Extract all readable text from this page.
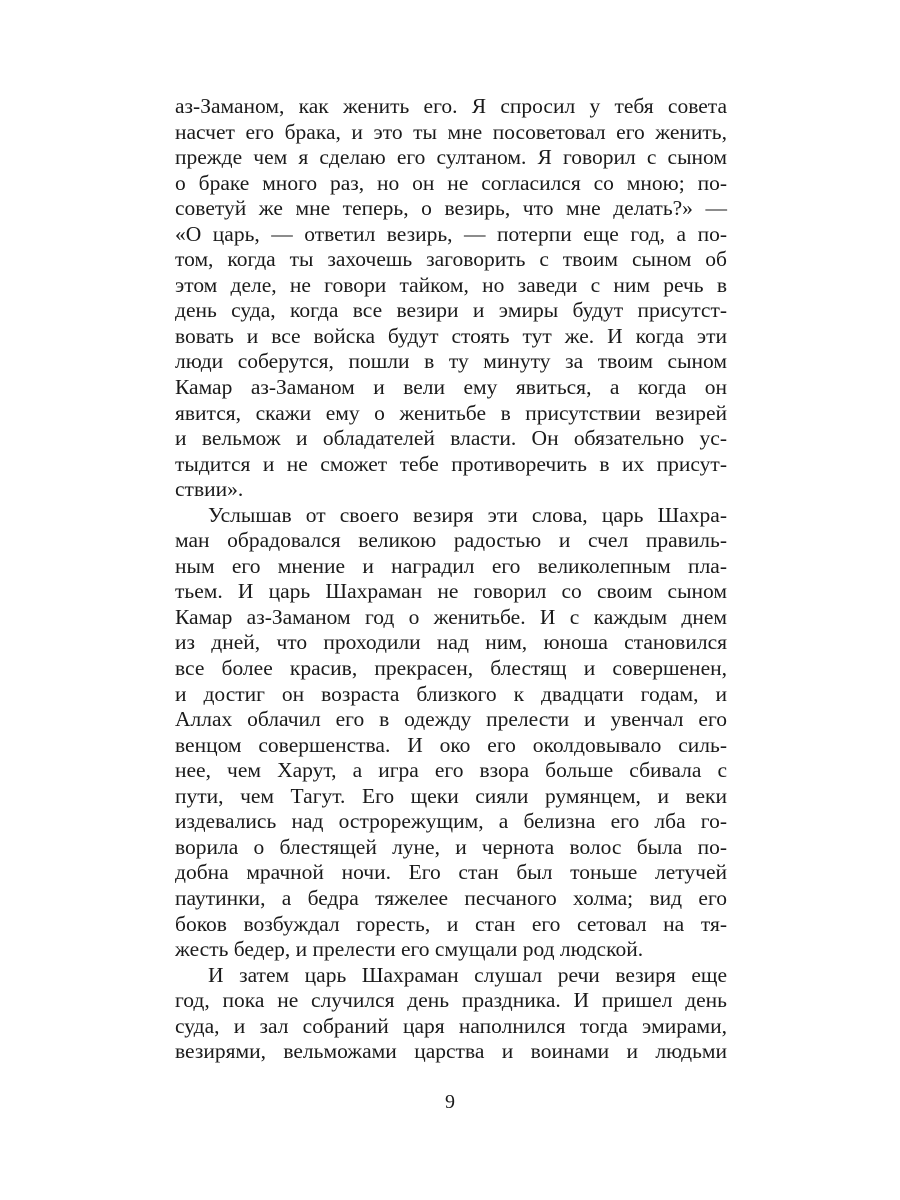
аз-Заманом, как женить его. Я спросил у тебя совета
насчет его брака, и это ты мне посоветовал его женить,
прежде чем я сделаю его султаном. Я говорил с сыном
о браке много раз, но он не согласился со мною; по-
советуй же мне теперь, о везирь, что мне делать?» —
«О царь, — ответил везирь, — потерпи еще год, а по-
том, когда ты захочешь заговорить с твоим сыном об
этом деле, не говори тайком, но заведи с ним речь в
день суда, когда все везири и эмиры будут присутст-
вовать и все войска будут стоять тут же. И когда эти
люди соберутся, пошли в ту минуту за твоим сыном
Камар аз-Заманом и вели ему явиться, а когда он
явится, скажи ему о женитьбе в присутствии везирей
и вельмож и обладателей власти. Он обязательно ус-
тыдится и не сможет тебе противоречить в их присут-
ствии».
Услышав от своего везиря эти слова, царь Шахра-
ман обрадовался великою радостью и счел правиль-
ным его мнение и наградил его великолепным пла-
тьем. И царь Шахраман не говорил со своим сыном
Камар аз-Заманом год о женитьбе. И с каждым днем
из дней, что проходили над ним, юноша становился
все более красив, прекрасен, блестящ и совершенен,
и достиг он возраста близкого к двадцати годам, и
Аллах облачил его в одежду прелести и увенчал его
венцом совершенства. И око его околдовывало силь-
нее, чем Харут, а игра его взора больше сбивала с
пути, чем Тагут. Его щеки сияли румянцем, и веки
издевались над острорежущим, а белизна его лба го-
ворила о блестящей луне, и чернота волос была по-
добна мрачной ночи. Его стан был тоньше летучей
паутинки, а бедра тяжелее песчаного холма; вид его
боков возбуждал горесть, и стан его сетовал на тя-
жесть бедер, и прелести его смущали род людской.
И затем царь Шахраман слушал речи везиря еще
год, пока не случился день праздника. И пришел день
суда, и зал собраний царя наполнился тогда эмирами,
везирями, вельможами царства и воинами и людьми
9
